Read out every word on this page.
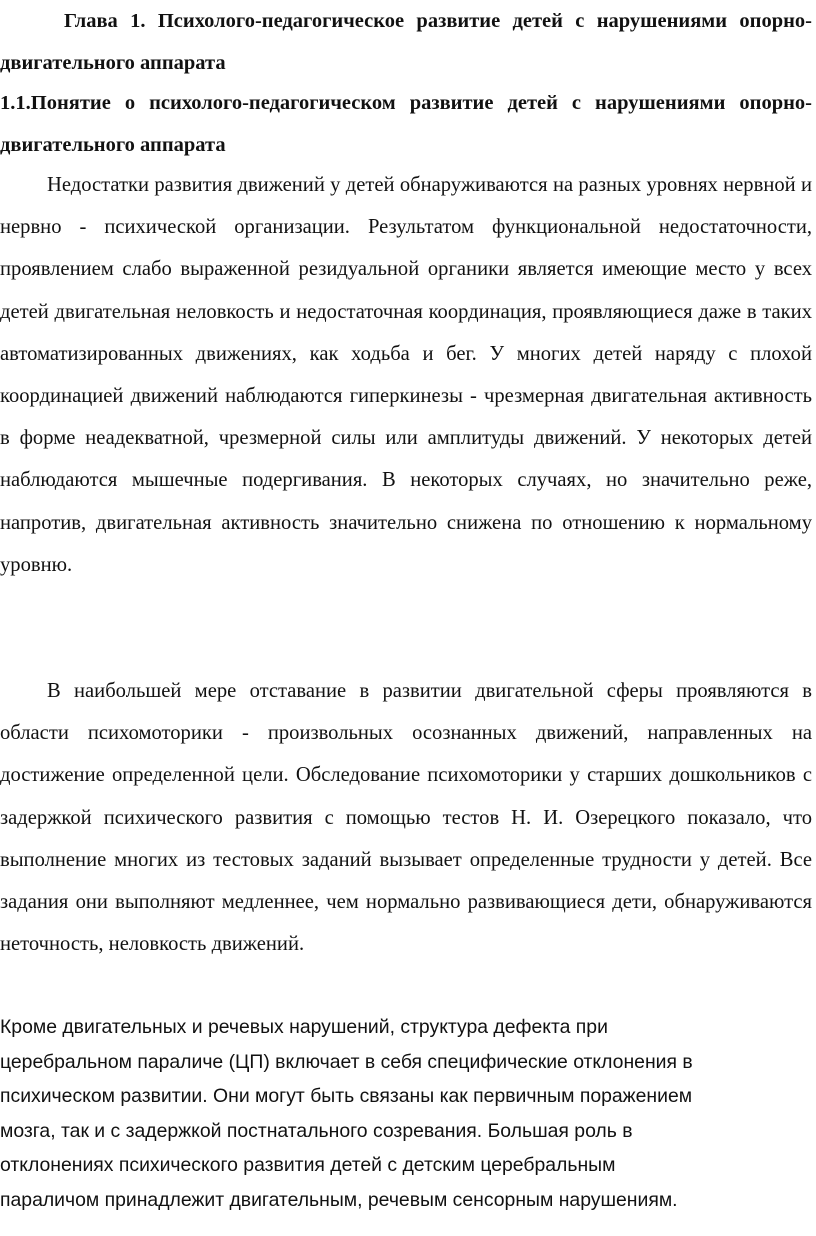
Глава 1. Психолого-педагогическое развитие детей с нарушениями опорно-двигательного аппарата

1.1.Понятие о психолого-педагогическом развитие детей с нарушениями опорно-двигательного аппарата

Недостатки развития движений у детей обнаруживаются на разных уровнях нервной и нервно - психической организации. Результатом функциональной недостаточности, проявлением слабо выраженной резидуальной органики является имеющие место у всех детей двигательная неловкость и недостаточная координация, проявляющиеся даже в таких автоматизированных движениях, как ходьба и бег. У многих детей наряду с плохой координацией движений наблюдаются гиперкинезы - чрезмерная двигательная активность в форме неадекватной, чрезмерной силы или амплитуды движений. У некоторых детей наблюдаются мышечные подергивания. В некоторых случаях, но значительно реже, напротив, двигательная активность значительно снижена по отношению к нормальному уровню.

В наибольшей мере отставание в развитии двигательной сферы проявляются в области психомоторики - произвольных осознанных движений, направленных на достижение определенной цели. Обследование психомоторики у старших дошкольников с задержкой психического развития с помощью тестов Н. И. Озерецкого показало, что выполнение многих из тестовых заданий вызывает определенные трудности у детей. Все задания они выполняют медленнее, чем нормально развивающиеся дети, обнаруживаются неточность, неловкость движений.

Кроме двигательных и речевых нарушений, структура дефекта при
церебральном параличе (ЦП) включает в себя специфические отклонения в
психическом развитии. Они могут быть связаны как первичным поражением
мозга, так и с задержкой постнатального созревания. Большая роль в
отклонениях психического развития детей с детским церебральным
параличом принадлежит двигательным, речевым сенсорным нарушениям.
